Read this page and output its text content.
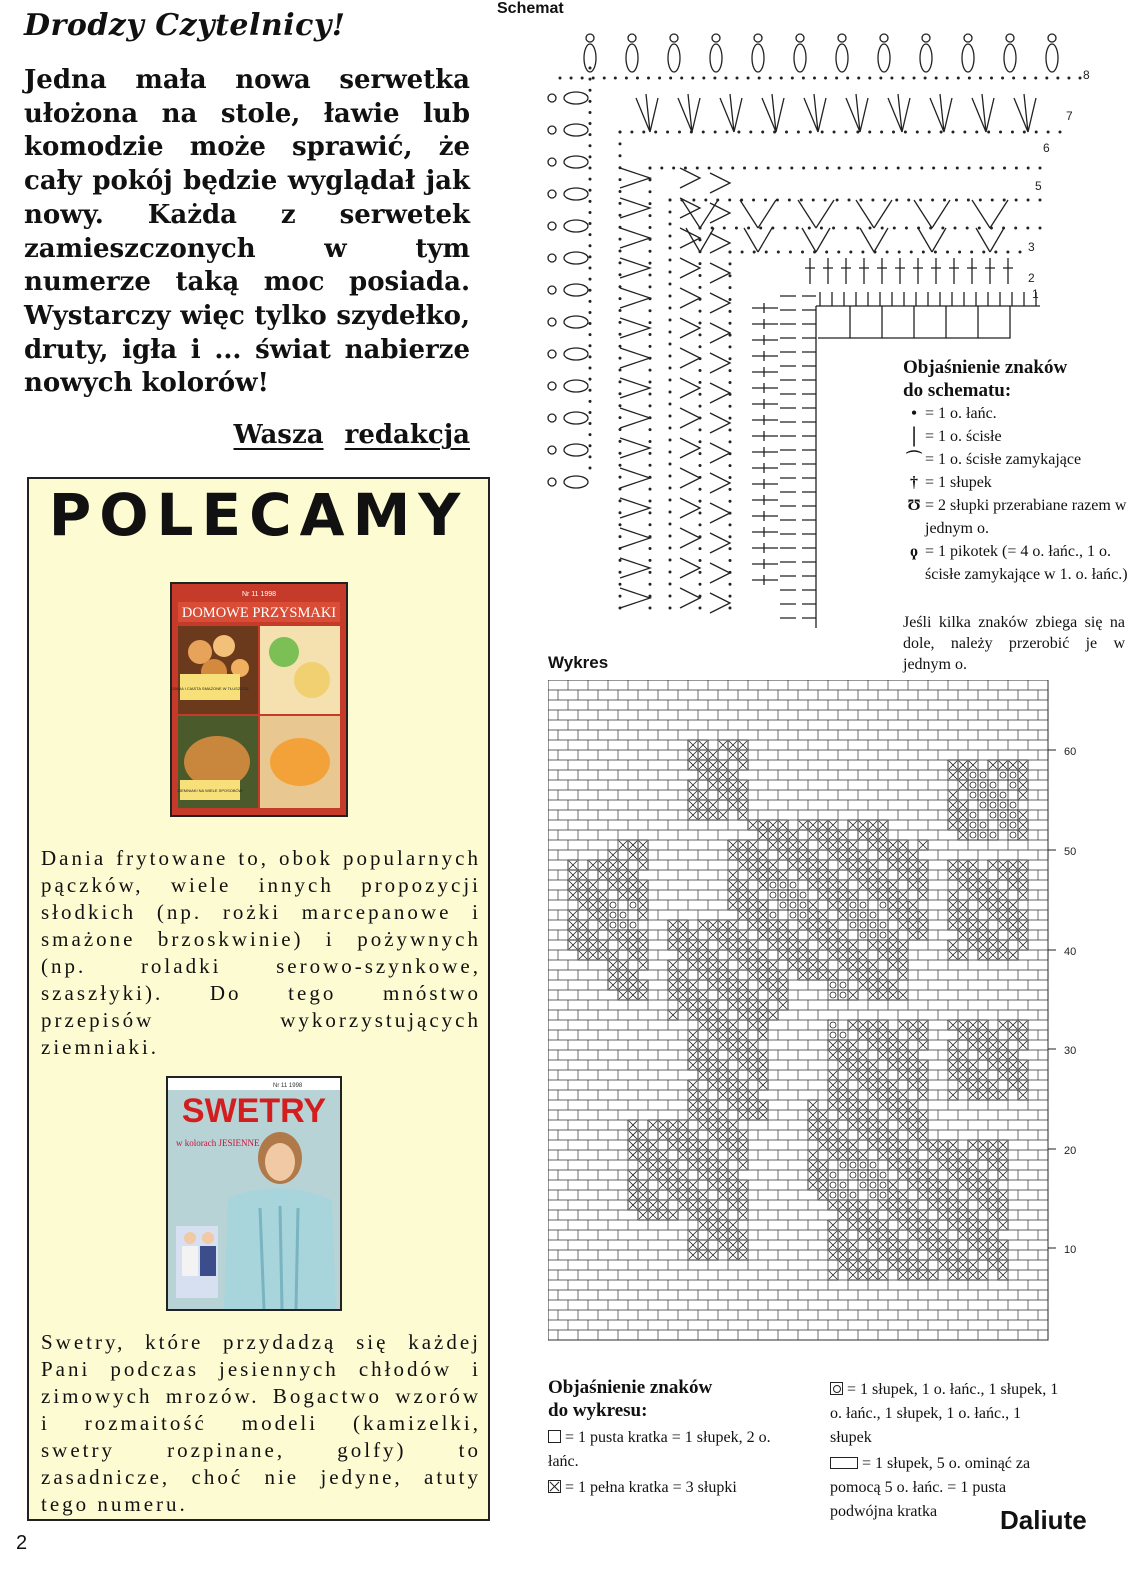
Drodzy Czytelnicy!

Jedna mała nowa serwetka ułożona na stole, ławie lub komodzie może sprawić, że cały pokój będzie wyglądał jak nowy. Każda z serwetek zamieszczonych w tym numerze taką moc posiada. Wystarczy więc tylko szydełko, druty, igła i ... świat nabierze nowych kolorów!

Wasza redakcja
POLECAMY
Nr 11 1998
DOMOWE PRZYSMAKI
DANIA I CIASTA SMAŻONE W TŁUSZCZU
ZIEMNIAKI NA WIELE SPOSOBÓW

Dania frytowane to, obok popularnych pączków, wiele innych propozycji słodkich (np. rożki marcepanowe i smażone brzoskwinie) i pożywnych (np. roladki serowo-szynkowe, szaszłyki). Do tego mnóstwo przepisów wykorzystujących ziemniaki.

Nr 11 1998
SWETRY
w kolorach JESIENNE

Swetry, które przydadzą się każdej Pani podczas jesiennych chłodów i zimowych mrozów. Bogactwo wzorów i rozmaitość modeli (kamizelki, swetry rozpinane, golfy) to zasadnicze, choć nie jedyne, atuty tego numeru.

2
Schemat
1
2
3
5
6
7
8

Objaśnienie znaków

do schematu:

• = 1 o. łańc.
| = 1 o. ścisłe
⌒ = 1 o. ścisłe zamykające
† = 1 słupek
Ʊ = 2 słupki przerabiane razem w jednym o.
ϙ = 1 pikotek (= 4 o. łańc., 1 o. ścisłe zamykające w 1. o. łańc.)

Jeśli kilka znaków zbiega się na dole, należy przerobić je w jednym o.

Wykres
60
50
40
30
20
10

Objaśnienie znaków

do wykresu:

= 1 pusta kratka = 1 słupek, 2 o. łańc.
= 1 pełna kratka = 3 słupki
= 1 słupek, 1 o. łańc., 1 słupek, 1 o. łańc., 1 słupek, 1 o. łańc., 1 słupek
= 1 słupek, 5 o. ominąć za pomocą 5 o. łańc. = 1 pusta podwójna kratka	Daliute
